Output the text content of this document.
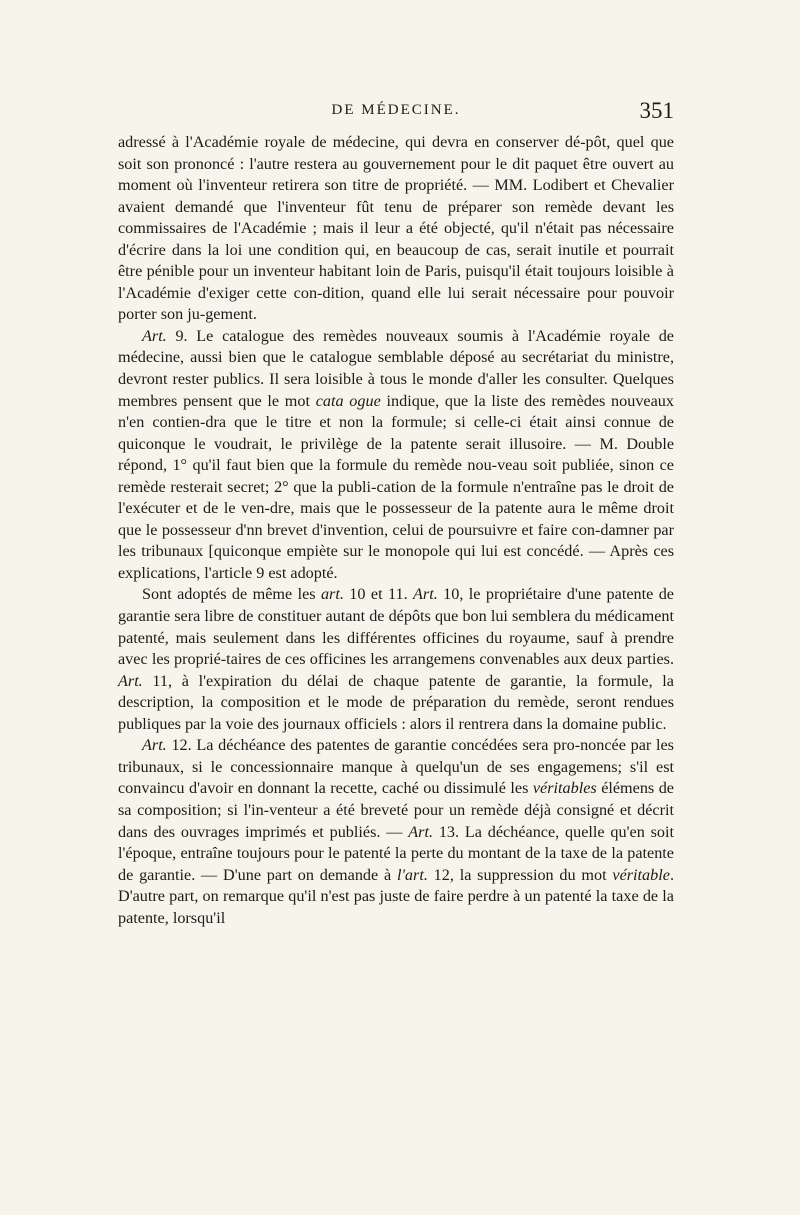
DE MÉDECINE.	351

adressé à l'Académie royale de médecine, qui devra en conserver dé-pôt, quel que soit son prononcé : l'autre restera au gouvernement pour le dit paquet être ouvert au moment où l'inventeur retirera son titre de propriété. — MM. Lodibert et Chevalier avaient demandé que l'inventeur fût tenu de préparer son remède devant les commissaires de l'Académie ; mais il leur a été objecté, qu'il n'était pas nécessaire d'écrire dans la loi une condition qui, en beaucoup de cas, serait inutile et pourrait être pénible pour un inventeur habitant loin de Paris, puisqu'il était toujours loisible à l'Académie d'exiger cette con-dition, quand elle lui serait nécessaire pour pouvoir porter son ju-gement.

Art. 9. Le catalogue des remèdes nouveaux soumis à l'Académie royale de médecine, aussi bien que le catalogue semblable déposé au secrétariat du ministre, devront rester publics. Il sera loisible à tous le monde d'aller les consulter. Quelques membres pensent que le mot cata ogue indique, que la liste des remèdes nouveaux n'en contien-dra que le titre et non la formule; si celle-ci était ainsi connue de quiconque le voudrait, le privilège de la patente serait illusoire. — M. Double répond, 1° qu'il faut bien que la formule du remède nou-veau soit publiée, sinon ce remède resterait secret; 2° que la publi-cation de la formule n'entraîne pas le droit de l'exécuter et de le ven-dre, mais que le possesseur de la patente aura le même droit que le possesseur d'nn brevet d'invention, celui de poursuivre et faire con-damner par les tribunaux [quiconque empiète sur le monopole qui lui est concédé. — Après ces explications, l'article 9 est adopté.

Sont adoptés de même les art. 10 et 11. Art. 10, le propriétaire d'une patente de garantie sera libre de constituer autant de dépôts que bon lui semblera du médicament patenté, mais seulement dans les différentes officines du royaume, sauf à prendre avec les proprié-taires de ces officines les arrangemens convenables aux deux parties. Art. 11, à l'expiration du délai de chaque patente de garantie, la formule, la description, la composition et le mode de préparation du remède, seront rendues publiques par la voie des journaux officiels : alors il rentrera dans la domaine public.

Art. 12. La déchéance des patentes de garantie concédées sera pro-noncée par les tribunaux, si le concessionnaire manque à quelqu'un de ses engagemens; s'il est convaincu d'avoir en donnant la recette, caché ou dissimulé les véritables élémens de sa composition; si l'in-venteur a été breveté pour un remède déjà consigné et décrit dans des ouvrages imprimés et publiés. — Art. 13. La déchéance, quelle qu'en soit l'époque, entraîne toujours pour le patenté la perte du montant de la taxe de la patente de garantie. — D'une part on demande à l'art. 12, la suppression du mot véritable. D'autre part, on remarque qu'il n'est pas juste de faire perdre à un patenté la taxe de la patente, lorsqu'il
